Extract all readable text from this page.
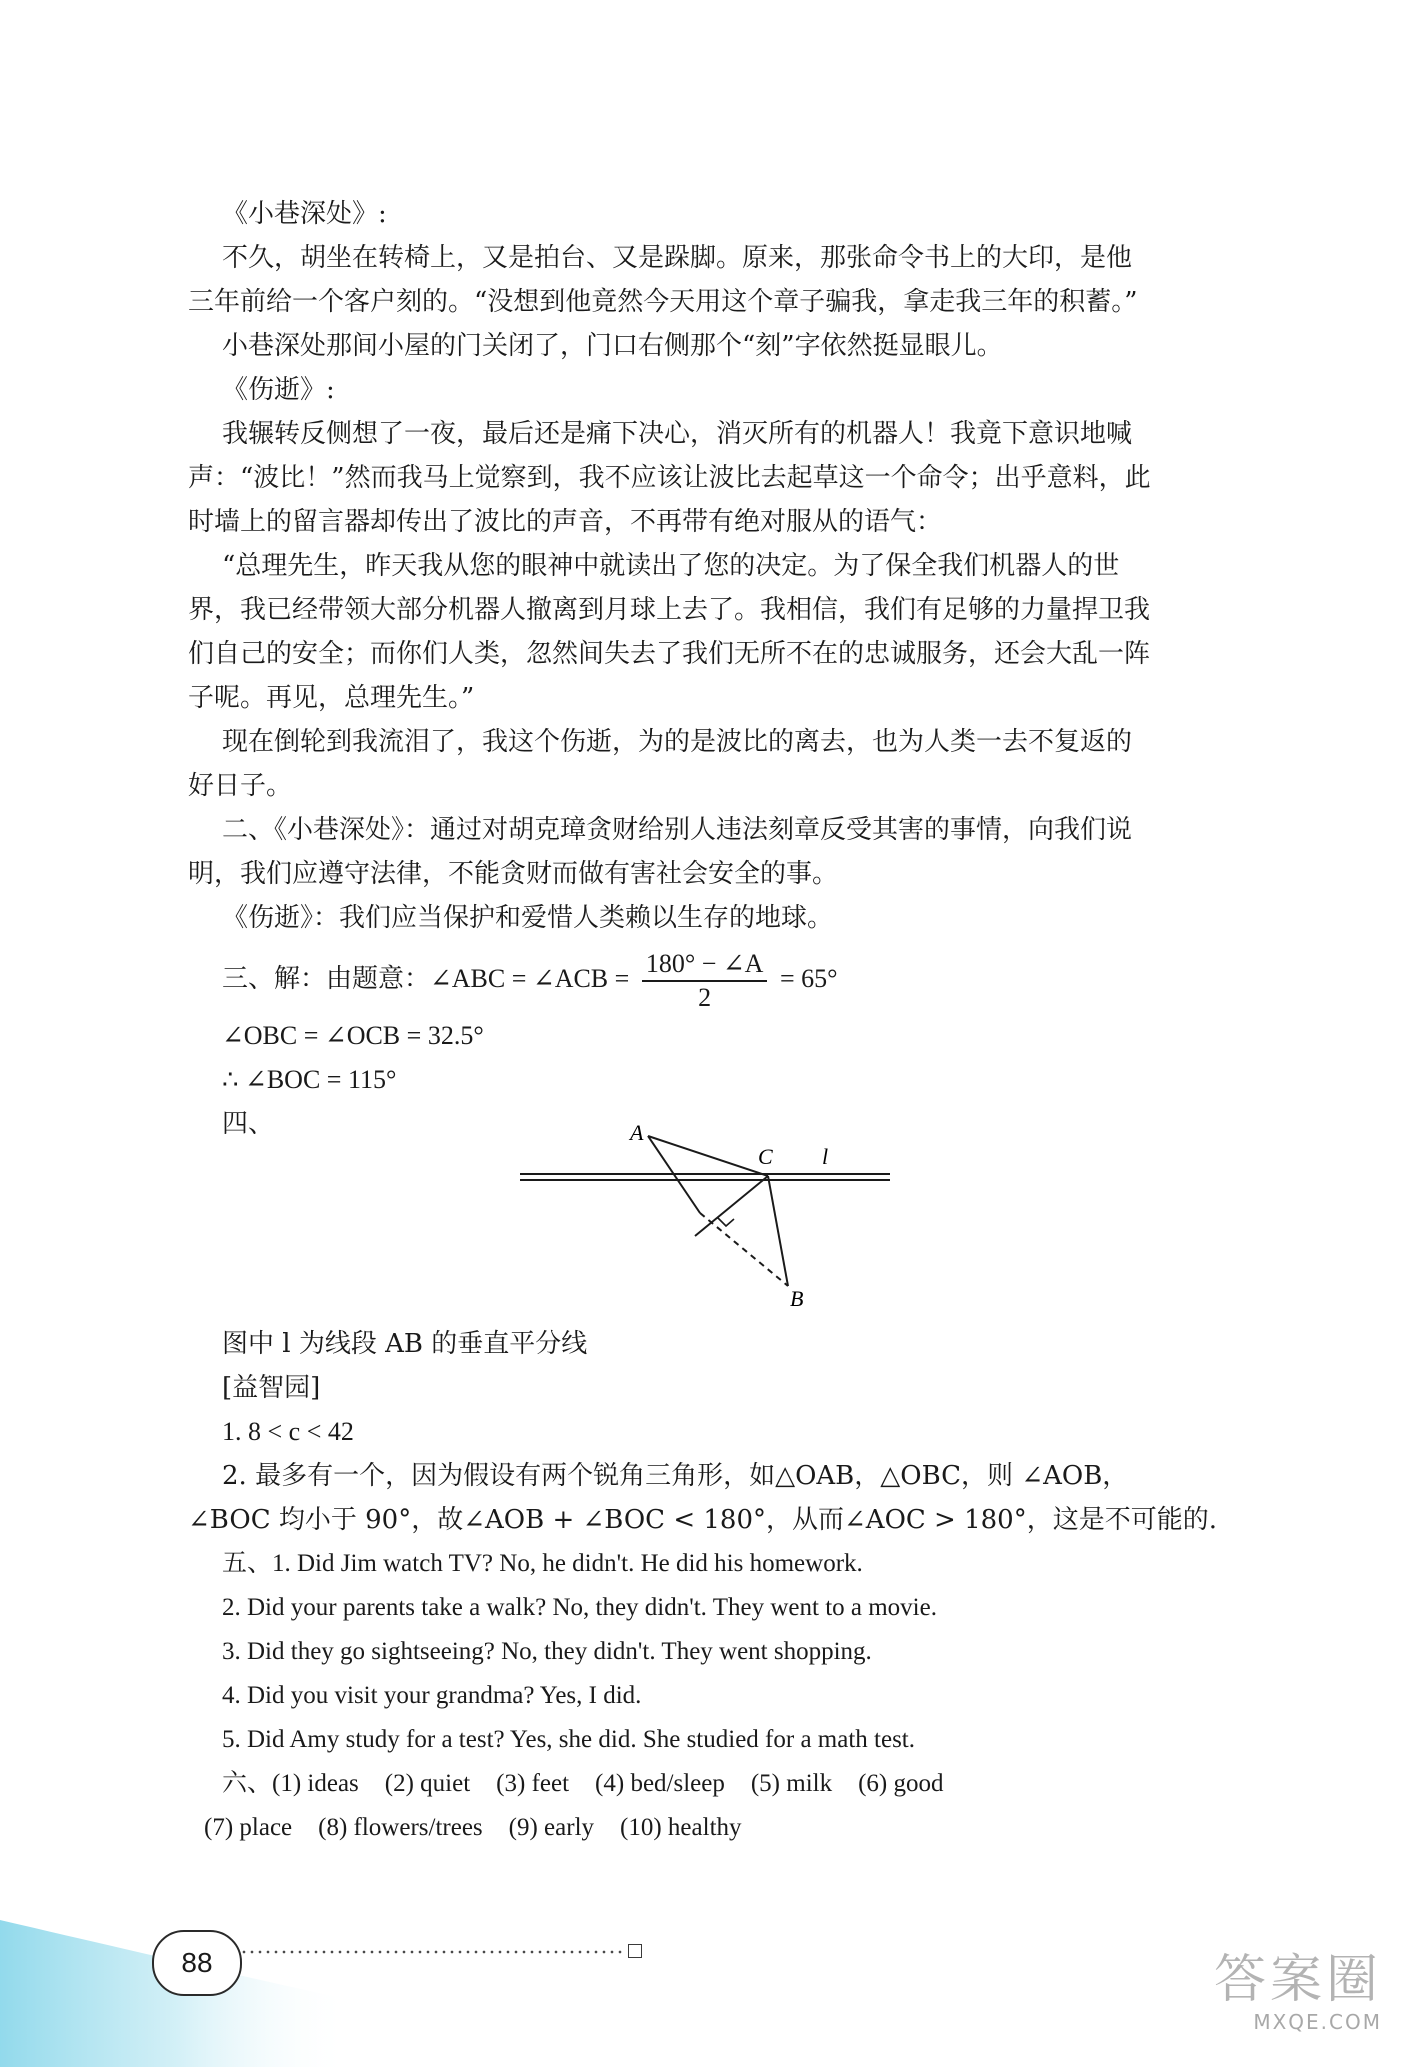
《小巷深处》:

不久，胡坐在转椅上，又是拍台、又是跺脚。原来，那张命令书上的大印，是他

三年前给一个客户刻的。“没想到他竟然今天用这个章子骗我，拿走我三年的积蓄。”

小巷深处那间小屋的门关闭了，门口右侧那个“刻”字依然挺显眼儿。

《伤逝》:

我辗转反侧想了一夜，最后还是痛下决心，消灭所有的机器人！我竟下意识地喊

声：“波比！”然而我马上觉察到，我不应该让波比去起草这一个命令；出乎意料，此

时墙上的留言器却传出了波比的声音，不再带有绝对服从的语气：

“总理先生，昨天我从您的眼神中就读出了您的决定。为了保全我们机器人的世

界，我已经带领大部分机器人撤离到月球上去了。我相信，我们有足够的力量捍卫我

们自己的安全；而你们人类，忽然间失去了我们无所不在的忠诚服务，还会大乱一阵

子呢。再见，总理先生。”

现在倒轮到我流泪了，我这个伤逝，为的是波比的离去，也为人类一去不复返的

好日子。

二、《小巷深处》：通过对胡克璋贪财给别人违法刻章反受其害的事情，向我们说

明，我们应遵守法律，不能贪财而做有害社会安全的事。

《伤逝》：我们应当保护和爱惜人类赖以生存的地球。

三、解：由题意：∠ABC = ∠ACB = $\frac{180^\circ - \angle A}{2} = 65^\circ$

∠OBC = ∠OCB = 32.5°

∴ ∠BOC = 115°

四、

图中 l 为线段 AB 的垂直平分线

[益智园]

1. 8 < c < 42

2. 最多有一个，因为假设有两个锐角三角形，如△OAB，△OBC，则 ∠AOB，

∠BOC 均小于 90°，故∠AOB + ∠BOC < 180°，从而∠AOC > 180°，这是不可能的.

五、1. Did Jim watch TV? No, he didn't. He did his homework.

2. Did your parents take a walk? No, they didn't. They went to a movie.

3. Did they go sightseeing? No, they didn't. They went shopping.

4. Did you visit your grandma? Yes, I did.

5. Did Amy study for a test? Yes, she did. She studied for a math test.

六、(1) ideas (2) quiet (3) feet (4) bed/sleep (5) milk (6) good

(7) place (8) flowers/trees (9) early (10) healthy

A
C l
B
88	答案圈
MXQE.COM
